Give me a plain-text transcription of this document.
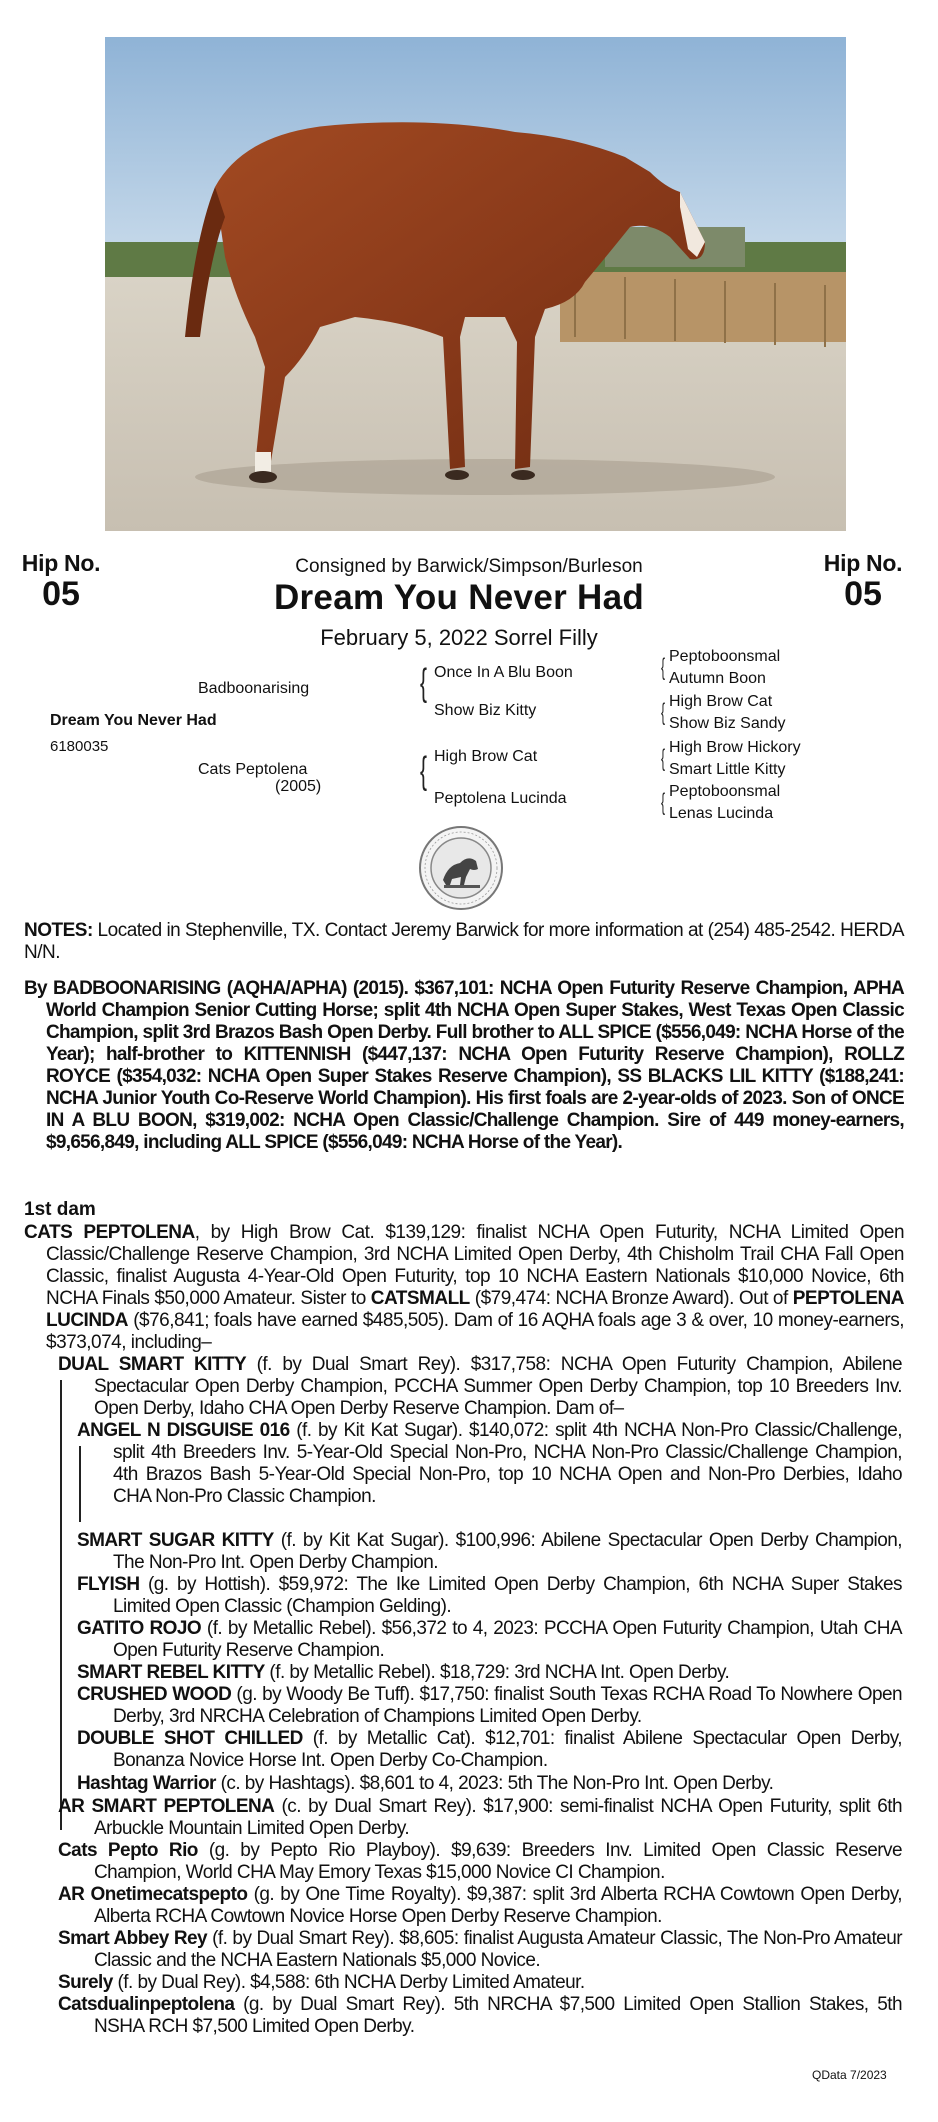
Hip No.
05
Hip No.
05
Consigned by Barwick/Simpson/Burleson
Dream You Never Had
February 5, 2022 Sorrel Filly
Badboonarising
Dream You Never Had
6180035
Cats Peptolena
(2005)
{ Once In A Blu Boon
Show Biz Kitty
{ High Brow Cat
Peptolena Lucinda
{ Peptoboonsmal
Autumn Boon
{ High Brow Cat
Show Biz Sandy
{ High Brow Hickory
Smart Little Kitty
{ Peptoboonsmal
Lenas Lucinda
NOTES: Located in Stephenville, TX. Contact Jeremy Barwick for more information at (254) 485-2542. HERDA N/N.
By BADBOONARISING (AQHA/APHA) (2015). $367,101: NCHA Open Futurity Reserve Champion, APHA World Champion Senior Cutting Horse; split 4th NCHA Open Super Stakes, West Texas Open Classic Champion, split 3rd Brazos Bash Open Derby. Full brother to ALL SPICE ($556,049: NCHA Horse of the Year); half-brother to KITTENNISH ($447,137: NCHA Open Futurity Reserve Champion), ROLLZ ROYCE ($354,032: NCHA Open Super Stakes Reserve Champion), SS BLACKS LIL KITTY ($188,241: NCHA Junior Youth Co-Reserve World Champion). His first foals are 2-year-olds of 2023. Son of ONCE IN A BLU BOON, $319,002: NCHA Open Classic/Challenge Champion. Sire of 449 money-earners, $9,656,849, including ALL SPICE ($556,049: NCHA Horse of the Year).
1st dam
CATS PEPTOLENA, by High Brow Cat. $139,129: finalist NCHA Open Futurity, NCHA Limited Open Classic/Challenge Reserve Champion, 3rd NCHA Limited Open Derby, 4th Chisholm Trail CHA Fall Open Classic, finalist Augusta 4-Year-Old Open Futurity, top 10 NCHA Eastern Nationals $10,000 Novice, 6th NCHA Finals $50,000 Amateur. Sister to CATSMALL ($79,474: NCHA Bronze Award). Out of PEPTOLENA LUCINDA ($76,841; foals have earned $485,505). Dam of 16 AQHA foals age 3 & over, 10 money-earners, $373,074, including–
DUAL SMART KITTY (f. by Dual Smart Rey). $317,758: NCHA Open Futurity Champion, Abilene Spectacular Open Derby Champion, PCCHA Summer Open Derby Champion, top 10 Breeders Inv. Open Derby, Idaho CHA Open Derby Reserve Champion. Dam of–
ANGEL N DISGUISE 016 (f. by Kit Kat Sugar). $140,072: split 4th NCHA Non-Pro Classic/Challenge, split 4th Breeders Inv. 5-Year-Old Special Non-Pro, NCHA Non-Pro Classic/Challenge Champion, 4th Brazos Bash 5-Year-Old Special Non-Pro, top 10 NCHA Open and Non-Pro Derbies, Idaho CHA Non-Pro Classic Champion.
SMART SUGAR KITTY (f. by Kit Kat Sugar). $100,996: Abilene Spectacular Open Derby Champion, The Non-Pro Int. Open Derby Champion.
FLYISH (g. by Hottish). $59,972: The Ike Limited Open Derby Champion, 6th NCHA Super Stakes Limited Open Classic (Champion Gelding).
GATITO ROJO (f. by Metallic Rebel). $56,372 to 4, 2023: PCCHA Open Futurity Champion, Utah CHA Open Futurity Reserve Champion.
SMART REBEL KITTY (f. by Metallic Rebel). $18,729: 3rd NCHA Int. Open Derby.
CRUSHED WOOD (g. by Woody Be Tuff). $17,750: finalist South Texas RCHA Road To Nowhere Open Derby, 3rd NRCHA Celebration of Champions Limited Open Derby.
DOUBLE SHOT CHILLED (f. by Metallic Cat). $12,701: finalist Abilene Spectacular Open Derby, Bonanza Novice Horse Int. Open Derby Co-Champion.
Hashtag Warrior (c. by Hashtags). $8,601 to 4, 2023: 5th The Non-Pro Int. Open Derby.
AR SMART PEPTOLENA (c. by Dual Smart Rey). $17,900: semi-finalist NCHA Open Futurity, split 6th Arbuckle Mountain Limited Open Derby.
Cats Pepto Rio (g. by Pepto Rio Playboy). $9,639: Breeders Inv. Limited Open Classic Reserve Champion, World CHA May Emory Texas $15,000 Novice CI Champion.
AR Onetimecatspepto (g. by One Time Royalty). $9,387: split 3rd Alberta RCHA Cowtown Open Derby, Alberta RCHA Cowtown Novice Horse Open Derby Reserve Champion.
Smart Abbey Rey (f. by Dual Smart Rey). $8,605: finalist Augusta Amateur Classic, The Non-Pro Amateur Classic and the NCHA Eastern Nationals $5,000 Novice.
Surely (f. by Dual Rey). $4,588: 6th NCHA Derby Limited Amateur.
Catsdualinpeptolena (g. by Dual Smart Rey). 5th NRCHA $7,500 Limited Open Stallion Stakes, 5th NSHA RCH $7,500 Limited Open Derby.
QData 7/2023
